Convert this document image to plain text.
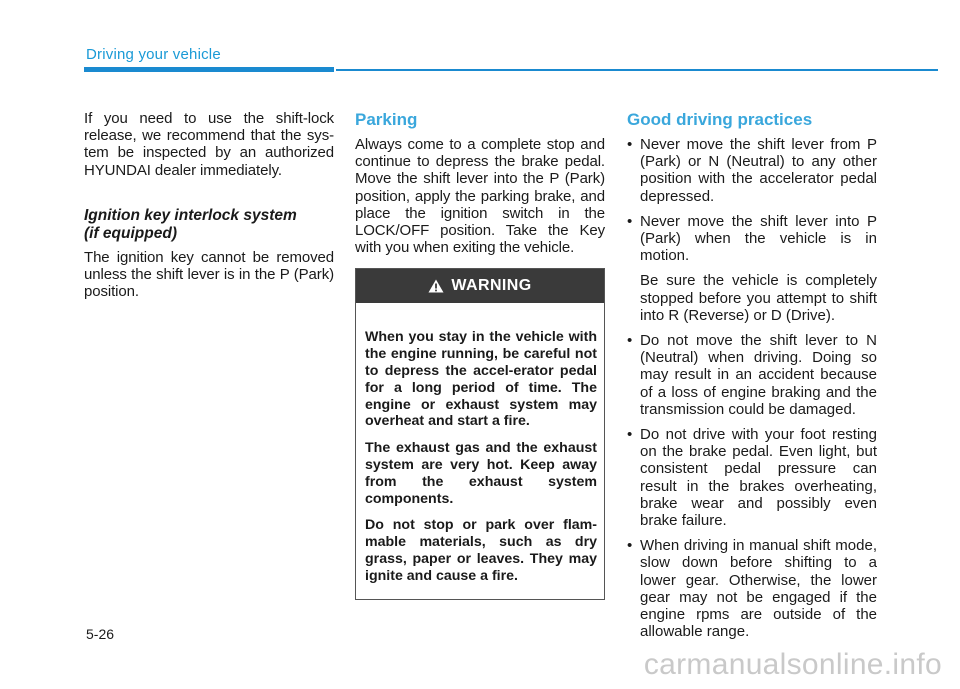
Driving your vehicle

If you need to use the shift-lock release, we recommend that the sys-tem be inspected by an authorized HYUNDAI dealer immediately.

Ignition key interlock system
(if equipped)

The ignition key cannot be removed unless the shift lever is in the P (Park) position.

Parking

Always come to a complete stop and continue to depress the brake pedal. Move the shift lever into the P (Park) position, apply the parking brake, and place the ignition switch in the LOCK/OFF position. Take the Key with you when exiting the vehicle.

WARNING

When you stay in the vehicle with the engine running, be careful not to depress the accel-erator pedal for a long period of time. The engine or exhaust system may overheat and start a fire.

The exhaust gas and the exhaust system are very hot. Keep away from the exhaust system components.

Do not stop or park over flam-mable materials, such as dry grass, paper or leaves. They may ignite and cause a fire.

Good driving practices
• Never move the shift lever from P (Park) or N (Neutral) to any other position with the accelerator pedal depressed.
• Never move the shift lever into P (Park) when the vehicle is in motion.
Be sure the vehicle is completely stopped before you attempt to shift into R (Reverse) or D (Drive).
• Do not move the shift lever to N (Neutral) when driving. Doing so may result in an accident because of a loss of engine braking and the transmission could be damaged.
• Do not drive with your foot resting on the brake pedal. Even light, but consistent pedal pressure can result in the brakes overheating, brake wear and possibly even brake failure.
• When driving in manual shift mode, slow down before shifting to a lower gear. Otherwise, the lower gear may not be engaged if the engine rpms are outside of the allowable range.
5-26
carmanualsonline.info
